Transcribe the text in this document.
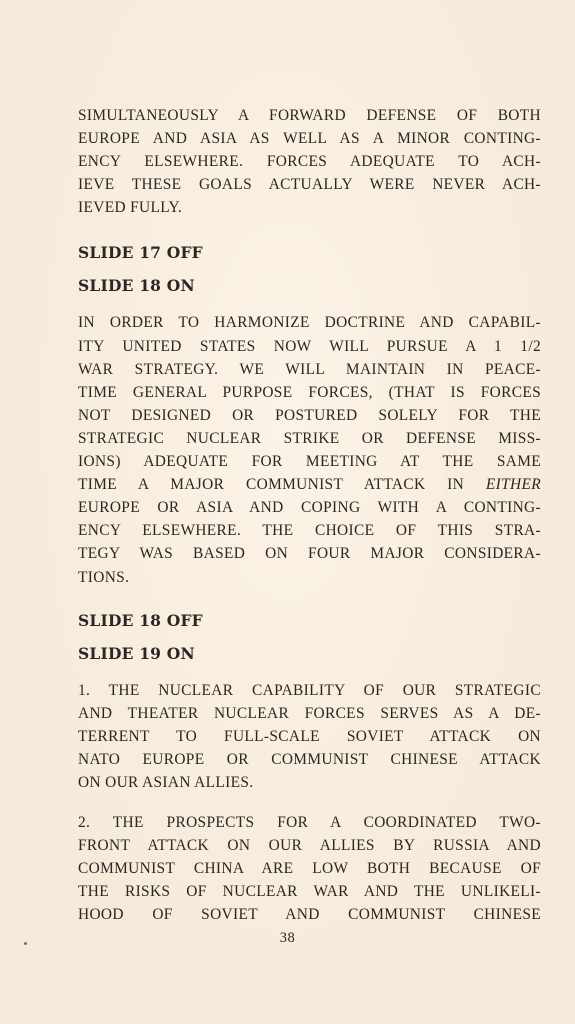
SIMULTANEOUSLY A FORWARD DEFENSE OF BOTH
EUROPE AND ASIA AS WELL AS A MINOR CONTING-
ENCY ELSEWHERE. FORCES ADEQUATE TO ACH-
IEVE THESE GOALS ACTUALLY WERE NEVER ACH-
IEVED FULLY.

SLIDE 17 OFF

SLIDE 18 ON

IN ORDER TO HARMONIZE DOCTRINE AND CAPABIL-
ITY UNITED STATES NOW WILL PURSUE A 1 1/2
WAR STRATEGY. WE WILL MAINTAIN IN PEACE-
TIME GENERAL PURPOSE FORCES, (THAT IS FORCES
NOT DESIGNED OR POSTURED SOLELY FOR THE
STRATEGIC NUCLEAR STRIKE OR DEFENSE MISS-
IONS) ADEQUATE FOR MEETING AT THE SAME
TIME A MAJOR COMMUNIST ATTACK IN EITHER
EUROPE OR ASIA AND COPING WITH A CONTING-
ENCY ELSEWHERE. THE CHOICE OF THIS STRA-
TEGY WAS BASED ON FOUR MAJOR CONSIDERA-
TIONS.

SLIDE 18 OFF

SLIDE 19 ON

1. THE NUCLEAR CAPABILITY OF OUR STRATEGIC
AND THEATER NUCLEAR FORCES SERVES AS A DE-
TERRENT TO FULL-SCALE SOVIET ATTACK ON
NATO EUROPE OR COMMUNIST CHINESE ATTACK
ON OUR ASIAN ALLIES.

2. THE PROSPECTS FOR A COORDINATED TWO-
FRONT ATTACK ON OUR ALLIES BY RUSSIA AND
COMMUNIST CHINA ARE LOW BOTH BECAUSE OF
THE RISKS OF NUCLEAR WAR AND THE UNLIKELI-
HOOD OF SOVIET AND COMMUNIST CHINESE

38
